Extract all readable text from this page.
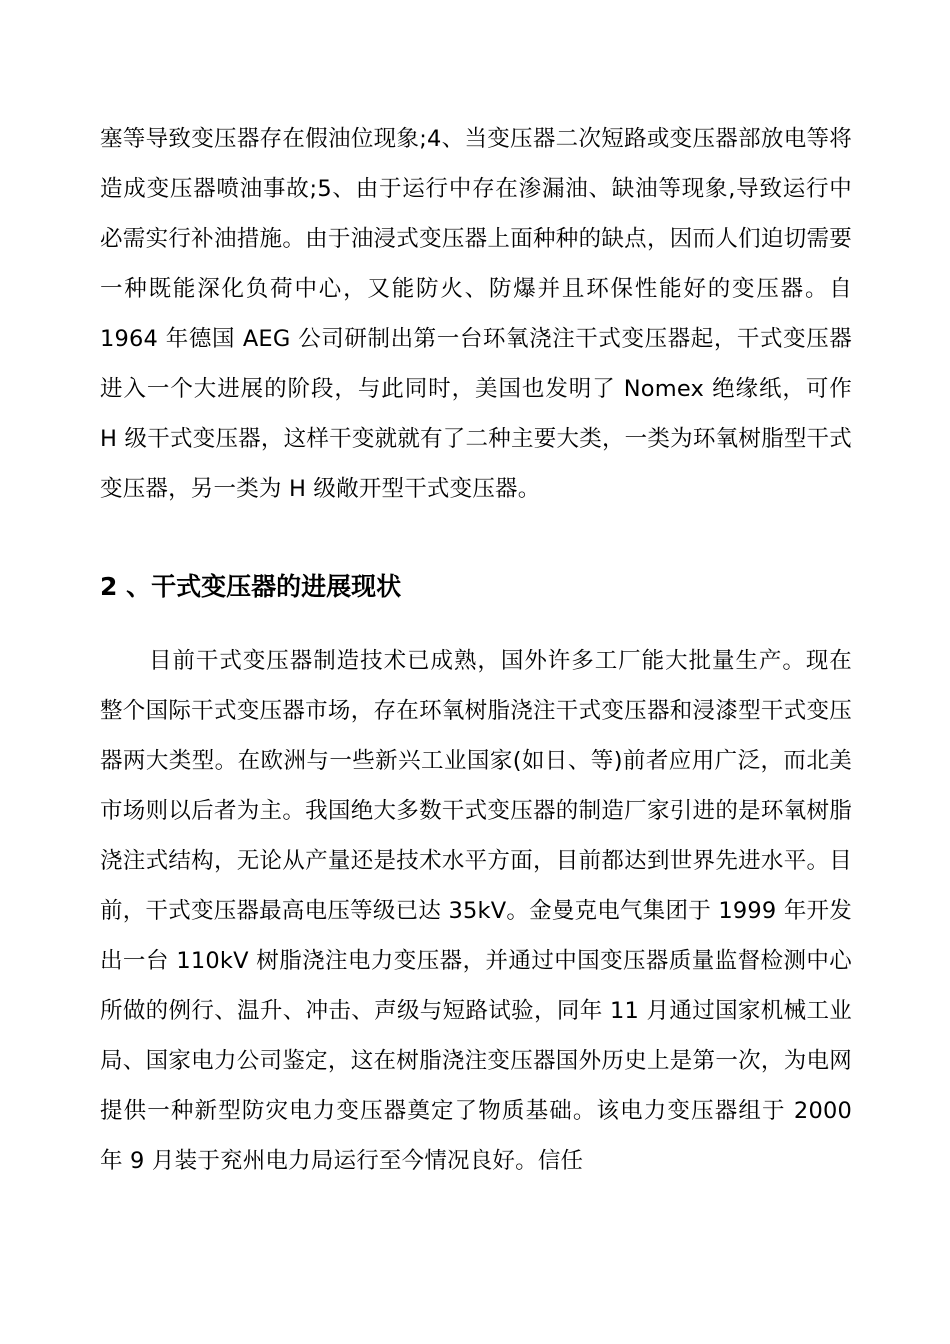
塞等导致变压器存在假油位现象;4、当变压器二次短路或变压器部放电等将造成变压器喷油事故;5、由于运行中存在渗漏油、缺油等现象,导致运行中必需实行补油措施。由于油浸式变压器上面种种的缺点，因而人们迫切需要一种既能深化负荷中心，又能防火、防爆并且环保性能好的变压器。自 1964 年德国 AEG 公司研制出第一台环氧浇注干式变压器起，干式变压器进入一个大进展的阶段，与此同时，美国也发明了 Nomex 绝缘纸，可作 H 级干式变压器，这样干变就就有了二种主要大类，一类为环氧树脂型干式变压器，另一类为 H 级敞开型干式变压器。

2 、干式变压器的进展现状

目前干式变压器制造技术已成熟，国外许多工厂能大批量生产。现在整个国际干式变压器市场，存在环氧树脂浇注干式变压器和浸漆型干式变压器两大类型。在欧洲与一些新兴工业国家(如日、等)前者应用广泛，而北美市场则以后者为主。我国绝大多数干式变压器的制造厂家引进的是环氧树脂浇注式结构，无论从产量还是技术水平方面，目前都达到世界先进水平。目前，干式变压器最高电压等级已达 35kV。金曼克电气集团于 1999 年开发出一台 110kV 树脂浇注电力变压器，并通过中国变压器质量监督检测中心所做的例行、温升、冲击、声级与短路试验，同年 11 月通过国家机械工业局、国家电力公司鉴定，这在树脂浇注变压器国外历史上是第一次，为电网提供一种新型防灾电力变压器奠定了物质基础。该电力变压器组于 2000 年 9 月装于兖州电力局运行至今情况良好。信任
